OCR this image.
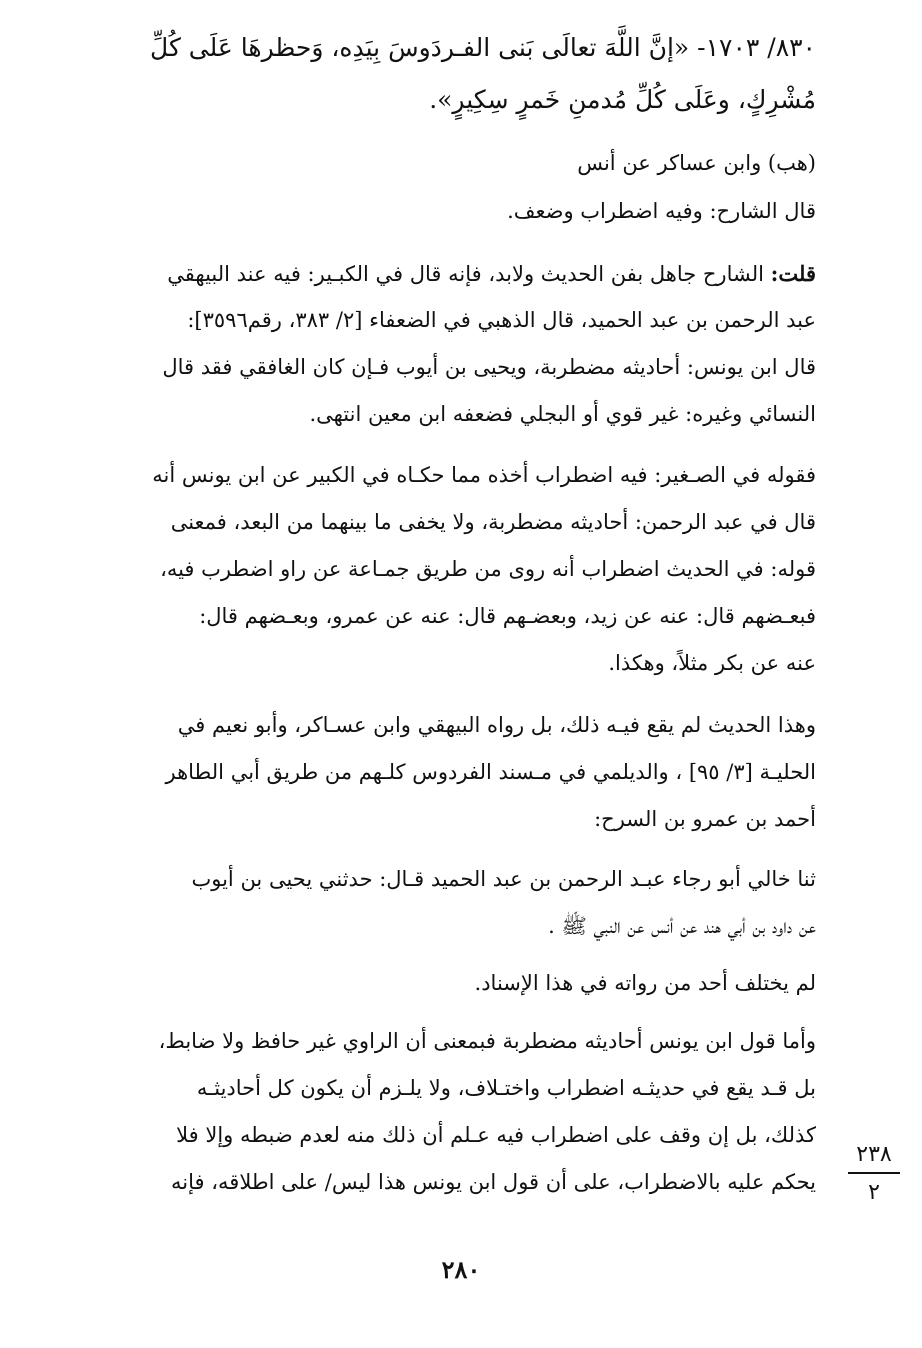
٨٣٠/ ١٧٠٣- «إنَّ اللَّهَ تعالَى بَنى الفـردَوسَ بِيَدِه، وَحظرهَا عَلَى كُلِّ
مُشْرِكٍ، وعَلَى كُلِّ مُدمنِ خَمرٍ سِكِيرٍ».
(هب) وابن عساكر عن أنس
قال الشارح: وفيه اضطراب وضعف.
قلت: الشارح جاهل بفن الحديث ولابد، فإنه قال في الكبـير: فيه عند البيهقي
عبد الرحمن بن عبد الحميد، قال الذهبي في الضعفاء [٢/ ٣٨٣، رقم٣٥٩٦]:
قال ابن يونس: أحاديثه مضطربة، ويحيى بن أيوب فـإن كان الغافقي فقد قال
النسائي وغيره: غير قوي أو البجلي فضعفه ابن معين انتهى.
فقوله في الصـغير: فيه اضطراب أخذه مما حكـاه في الكبير عن ابن يونس أنه
قال في عبد الرحمن: أحاديثه مضطربة، ولا يخفى ما بينهما من البعد، فمعنى
قوله: في الحديث اضطراب أنه روى من طريق جمـاعة عن راو اضطرب فيه،
فبعـضهم قال: عنه عن زيد، وبعضـهم قال: عنه عن عمرو، وبعـضهم قال:
عنه عن بكر مثلاً، وهكذا.
وهذا الحديث لم يقع فيـه ذلك، بل رواه البيهقي وابن عسـاكر، وأبو نعيم في
الحليـة [٣/ ٩٥] ، والديلمي في مـسند الفردوس كلـهم من طريق أبي الطاهر
أحمد بن عمرو بن السرح:
ثنا خالي أبو رجاء عبـد الرحمن بن عبد الحميد قـال: حدثني يحيى بن أيوب
عن داود بن أبي هند عن أنس عن النبي ﷺ .
لم يختلف أحد من رواته في هذا الإسناد.
وأما قول ابن يونس أحاديثه مضطربة فبمعنى أن الراوي غير حافظ ولا ضابط،
بل قـد يقع في حديثـه اضطراب واختـلاف، ولا يلـزم أن يكون كل أحاديثـه
كذلك، بل إن وقف على اضطراب فيه عـلم أن ذلك منه لعدم ضبطه وإلا فلا
يحكم عليه بالاضطراب، على أن قول ابن يونس هذا ليس/ على اطلاقه، فإنه
٢٣٨
٢
٢٨٠
